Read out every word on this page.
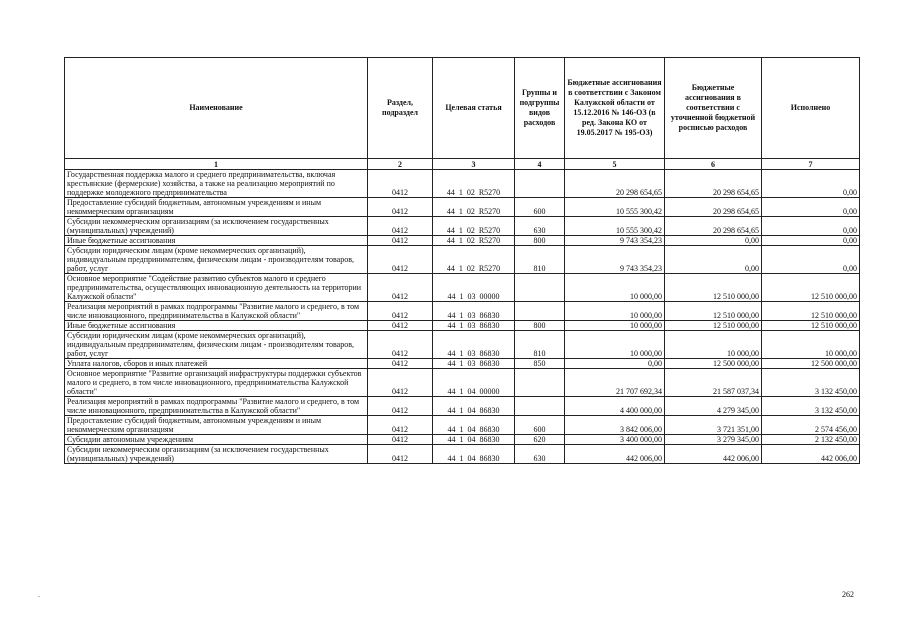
Наименование	Раздел, подраздел	Целевая статья	Группы и подгруппы видов расходов	Бюджетные ассигнования в соответствии с Законом Калужской области от 15.12.2016 № 146-ОЗ (в ред. Закона КО от 19.05.2017 № 195-ОЗ)	Бюджетные ассигнования в соответствии с уточненной бюджетной росписью расходов	Исполнено
1	2	3	4	5	6	7
Государственная поддержка малого и среднего предпринимательства, включая крестьянские (фермерские) хозяйства, а также на реализацию мероприятий по поддержке молодежного предпринимательства	0412	44  1  02  R5270		20 298 654,65	20 298 654,65	0,00
Предоставление субсидий бюджетным, автономным учреждениям и иным некоммерческим организациям	0412	44  1  02  R5270	600	10 555 300,42	20 298 654,65	0,00
Субсидии некоммерческим организациям (за исключением государственных (муниципальных) учреждений)	0412	44  1  02  R5270	630	10 555 300,42	20 298 654,65	0,00
Иные бюджетные ассигнования	0412	44  1  02  R5270	800	9 743 354,23	0,00	0,00
Субсидии юридическим лицам (кроме некоммерческих организаций), индивидуальным предпринимателям, физическим лицам - производителям товаров, работ, услуг	0412	44  1  02  R5270	810	9 743 354,23	0,00	0,00
Основное мероприятие "Содействие развитию субъектов малого и среднего предпринимательства, осуществляющих инновационную деятельность на территории Калужской области"	0412	44  1  03  00000		10 000,00	12 510 000,00	12 510 000,00
Реализация мероприятий в рамках подпрограммы "Развитие малого и среднего, в том числе инновационного, предпринимательства в Калужской области"	0412	44  1  03  86830		10 000,00	12 510 000,00	12 510 000,00
Иные бюджетные ассигнования	0412	44  1  03  86830	800	10 000,00	12 510 000,00	12 510 000,00
Субсидии юридическим лицам (кроме некоммерческих организаций), индивидуальным предпринимателям, физическим лицам - производителям товаров, работ, услуг	0412	44  1  03  86830	810	10 000,00	10 000,00	10 000,00
Уплата налогов, сборов и иных платежей	0412	44  1  03  86830	850	0,00	12 500 000,00	12 500 000,00
Основное мероприятие "Развитие организаций инфраструктуры поддержки субъектов малого и среднего, в том числе инновационного, предпринимательства Калужской области"	0412	44  1  04  00000		21 707 692,34	21 587 037,34	3 132 450,00
Реализация мероприятий в рамках подпрограммы "Развитие малого и среднего, в том числе инновационного, предпринимательства в Калужской области"	0412	44  1  04  86830		4 400 000,00	4 279 345,00	3 132 450,00
Предоставление субсидий бюджетным, автономным учреждениям и иным некоммерческим организациям	0412	44  1  04  86830	600	3 842 006,00	3 721 351,00	2 574 456,00
Субсидии автономным учреждениям	0412	44  1  04  86830	620	3 400 000,00	3 279 345,00	2 132 450,00
Субсидии некоммерческим организациям (за исключением государственных (муниципальных) учреждений)	0412	44  1  04  86830	630	442 006,00	442 006,00	442 006,00
.	262
